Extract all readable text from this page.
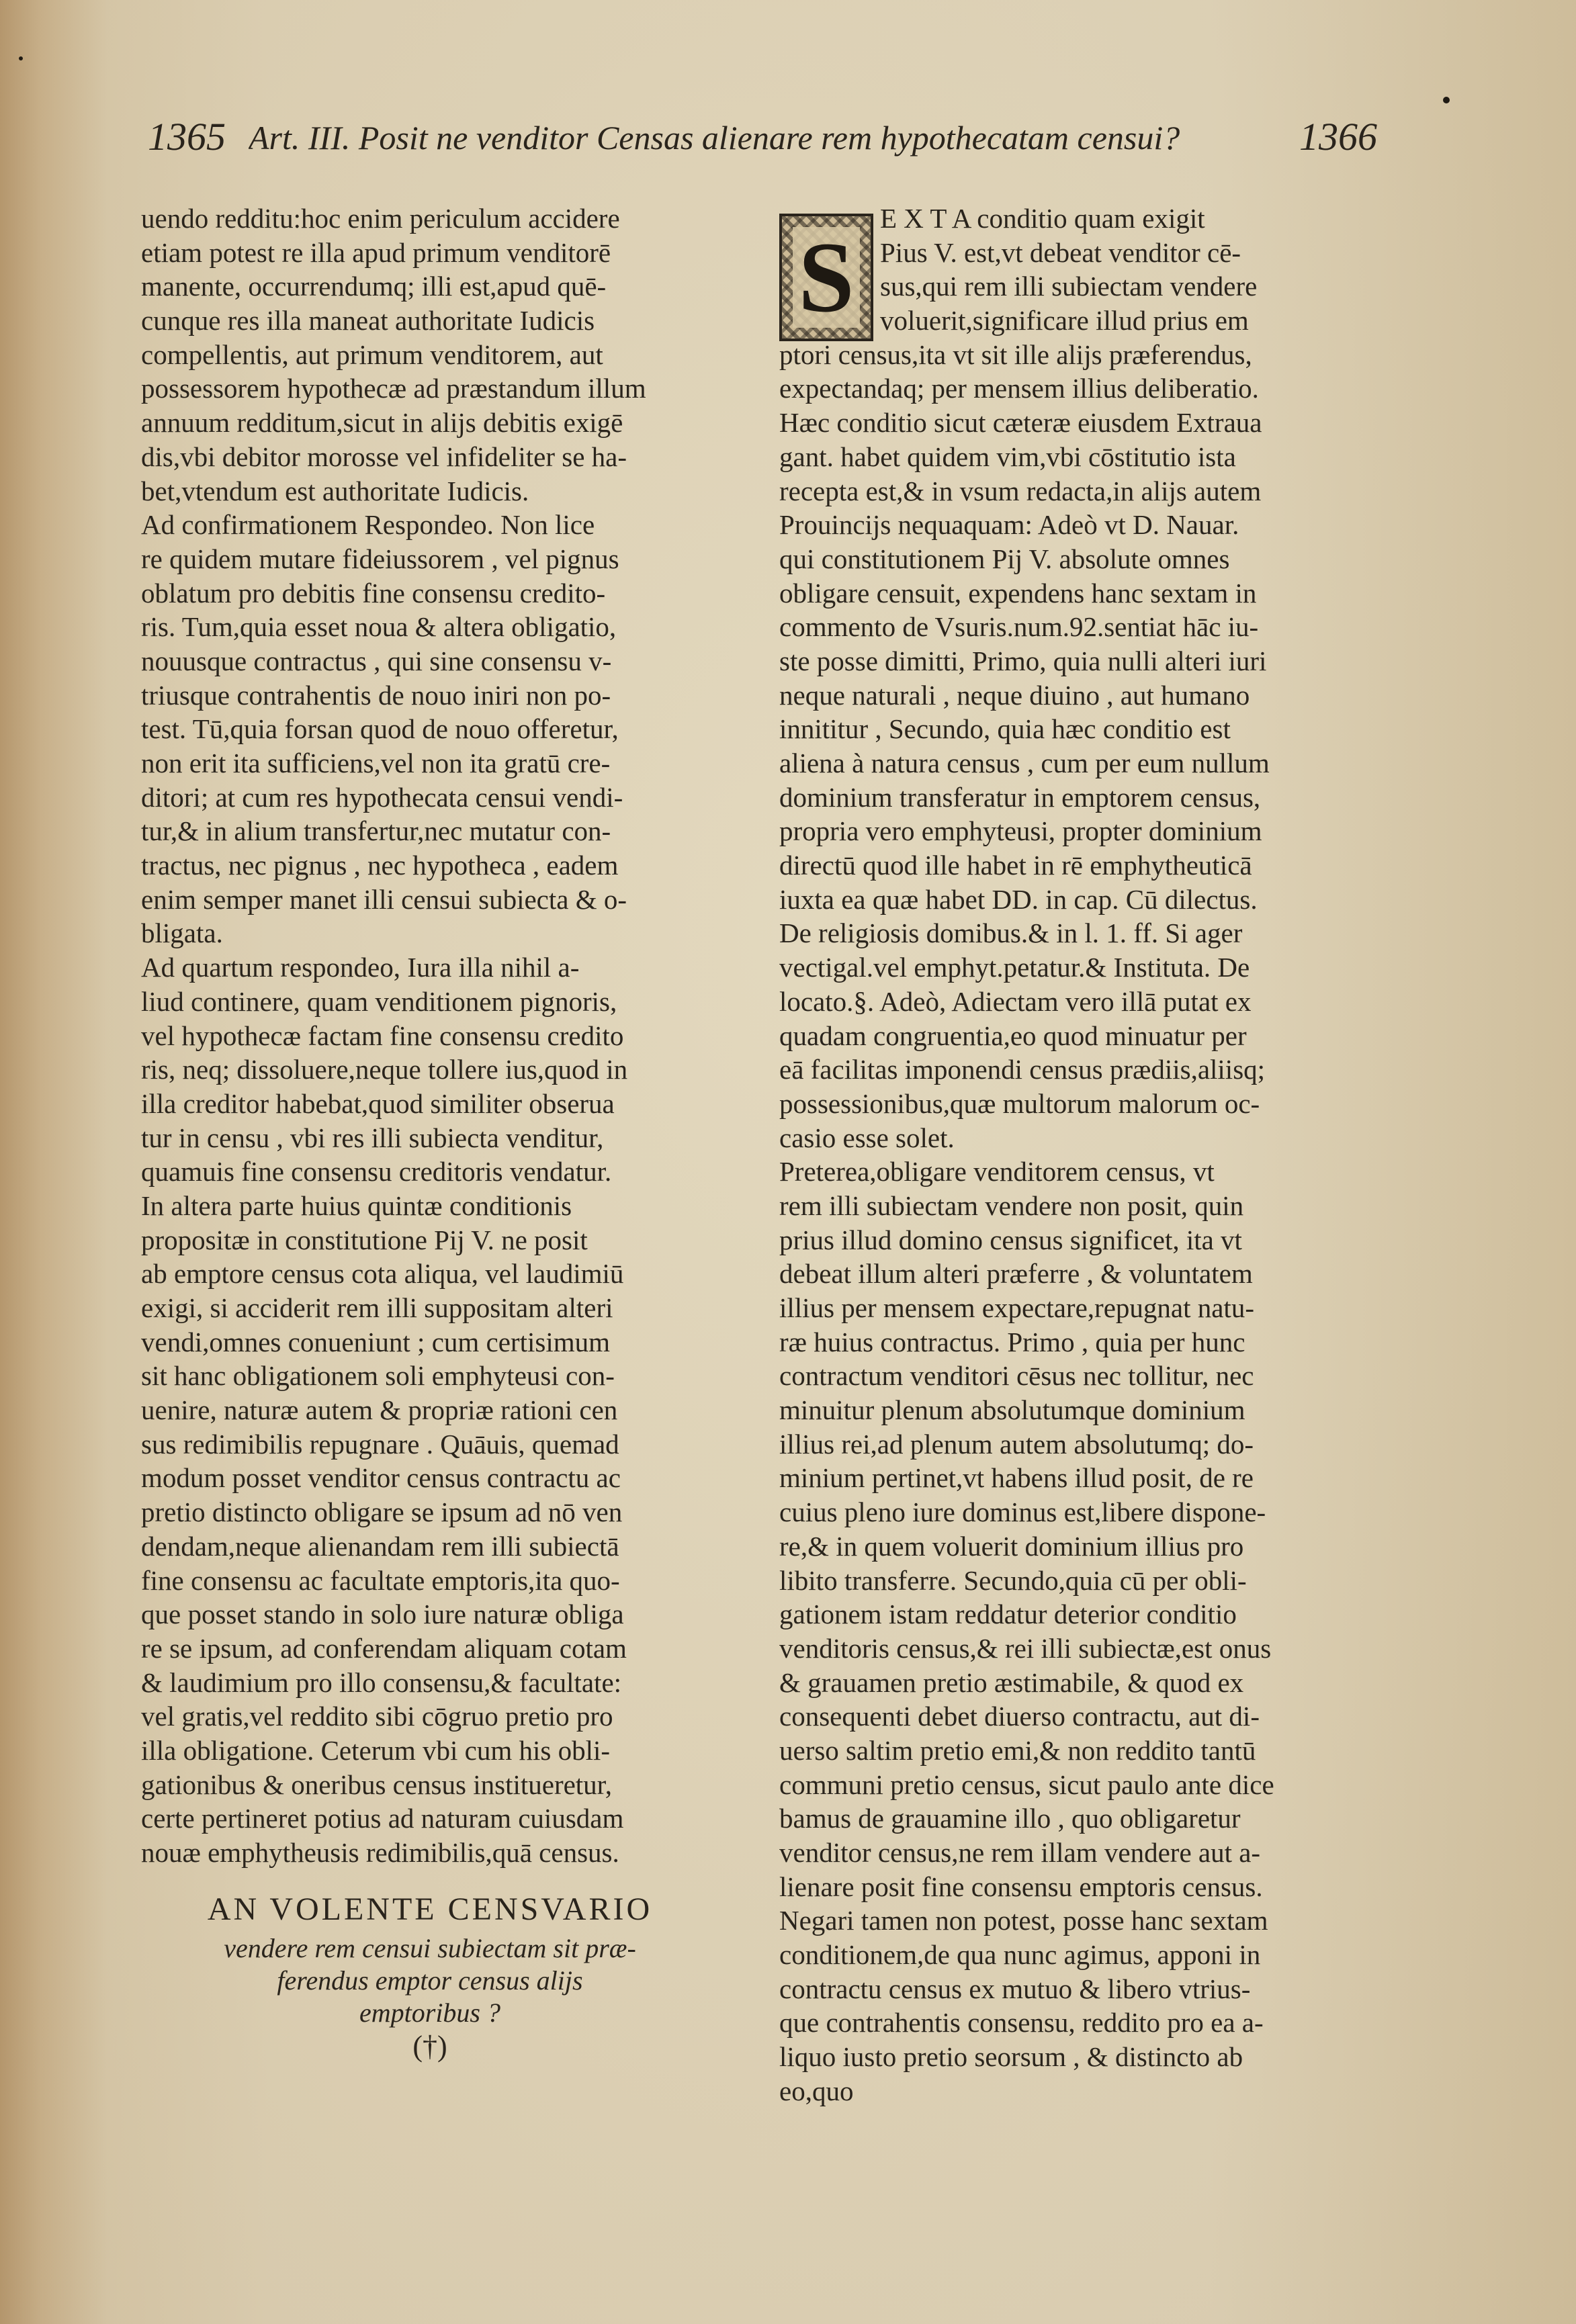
1365 Art. III. Posit ne venditor Censas alienare rem hypothecatam censui?	1366
uendo redditu:hoc enim periculum accidere
etiam potest re illa apud primum venditorē
manente, occurrendumq; illi est,apud quē-
cunque res illa maneat authoritate Iudicis
compellentis, aut primum venditorem, aut
possessorem hypothecæ ad præstandum illum
annuum redditum,sicut in alijs debitis exigē
dis,vbi debitor morosse vel infideliter se ha-
bet,vtendum est authoritate Iudicis.
Ad confirmationem Respondeo. Non lice
re quidem mutare fideiussorem , vel pignus
oblatum pro debitis fine consensu credito-
ris. Tum,quia esset noua & altera obligatio,
nouusque contractus , qui sine consensu v-
triusque contrahentis de nouo iniri non po-
test. Tū,quia forsan quod de nouo offeretur,
non erit ita sufficiens,vel non ita gratū cre-
ditori; at cum res hypothecata censui vendi-
tur,& in alium transfertur,nec mutatur con-
tractus, nec pignus , nec hypotheca , eadem
enim semper manet illi censui subiecta & o-
bligata.
Ad quartum respondeo, Iura illa nihil a-
liud continere, quam venditionem pignoris,
vel hypothecæ factam fine consensu credito
ris, neq; dissoluere,neque tollere ius,quod in
illa creditor habebat,quod similiter obserua
tur in censu , vbi res illi subiecta venditur,
quamuis fine consensu creditoris vendatur.
In altera parte huius quintæ conditionis
propositæ in constitutione Pij V. ne posit
ab emptore census cota aliqua, vel laudimiū
exigi, si acciderit rem illi suppositam alteri
vendi,omnes conueniunt ; cum certisimum
sit hanc obligationem soli emphyteusi con-
uenire, naturæ autem & propriæ rationi cen
sus redimibilis repugnare . Quāuis, quemad
modum posset venditor census contractu ac
pretio distincto obligare se ipsum ad nō ven
dendam,neque alienandam rem illi subiectā
fine consensu ac facultate emptoris,ita quo-
que posset stando in solo iure naturæ obliga
re se ipsum, ad conferendam aliquam cotam
& laudimium pro illo consensu,& facultate:
vel gratis,vel reddito sibi cōgruo pretio pro
illa obligatione. Ceterum vbi cum his obli-
gationibus & oneribus census institueretur,
certe pertineret potius ad naturam cuiusdam
nouæ emphytheusis redimibilis,quā census.
AN VOLENTE CENSVARIO
vendere rem censui subiectam sit præ-
ferendus emptor census alijs
emptoribus ?
(†)
S
E X T A conditio quam exigit
Pius V. est,vt debeat venditor cē-
sus,qui rem illi subiectam vendere
voluerit,significare illud prius em
ptori census,ita vt sit ille alijs præferendus,
expectandaq; per mensem illius deliberatio.
Hæc conditio sicut cæteræ eiusdem Extraua
gant. habet quidem vim,vbi cōstitutio ista
recepta est,& in vsum redacta,in alijs autem
Prouincijs nequaquam: Adeò vt D. Nauar.
qui constitutionem Pij V. absolute omnes
obligare censuit, expendens hanc sextam in
commento de Vsuris.num.92.sentiat hāc iu-
ste posse dimitti, Primo, quia nulli alteri iuri
neque naturali , neque diuino , aut humano
innititur , Secundo, quia hæc conditio est
aliena à natura census , cum per eum nullum
dominium transferatur in emptorem census,
propria vero emphyteusi, propter dominium
directū quod ille habet in rē emphytheuticā
iuxta ea quæ habet DD. in cap. Cū dilectus.
De religiosis domibus.& in l. 1. ff. Si ager
vectigal.vel emphyt.petatur.& Instituta. De
locato.§. Adeò, Adiectam vero illā putat ex
quadam congruentia,eo quod minuatur per
eā facilitas imponendi census prædiis,aliisq;
possessionibus,quæ multorum malorum oc-
casio esse solet.
Preterea,obligare venditorem census, vt
rem illi subiectam vendere non posit, quin
prius illud domino census significet, ita vt
debeat illum alteri præferre , & voluntatem
illius per mensem expectare,repugnat natu-
ræ huius contractus. Primo , quia per hunc
contractum venditori cēsus nec tollitur, nec
minuitur plenum absolutumque dominium
illius rei,ad plenum autem absolutumq; do-
minium pertinet,vt habens illud posit, de re
cuius pleno iure dominus est,libere dispone-
re,& in quem voluerit dominium illius pro
libito transferre. Secundo,quia cū per obli-
gationem istam reddatur deterior conditio
venditoris census,& rei illi subiectæ,est onus
& grauamen pretio æstimabile, & quod ex
consequenti debet diuerso contractu, aut di-
uerso saltim pretio emi,& non reddito tantū
communi pretio census, sicut paulo ante dice
bamus de grauamine illo , quo obligaretur
venditor census,ne rem illam vendere aut a-
lienare posit fine consensu emptoris census.
Negari tamen non potest, posse hanc sextam
conditionem,de qua nunc agimus, apponi in
contractu census ex mutuo & libero vtrius-
que contrahentis consensu, reddito pro ea a-
liquo iusto pretio seorsum , & distincto ab
eo,quo
